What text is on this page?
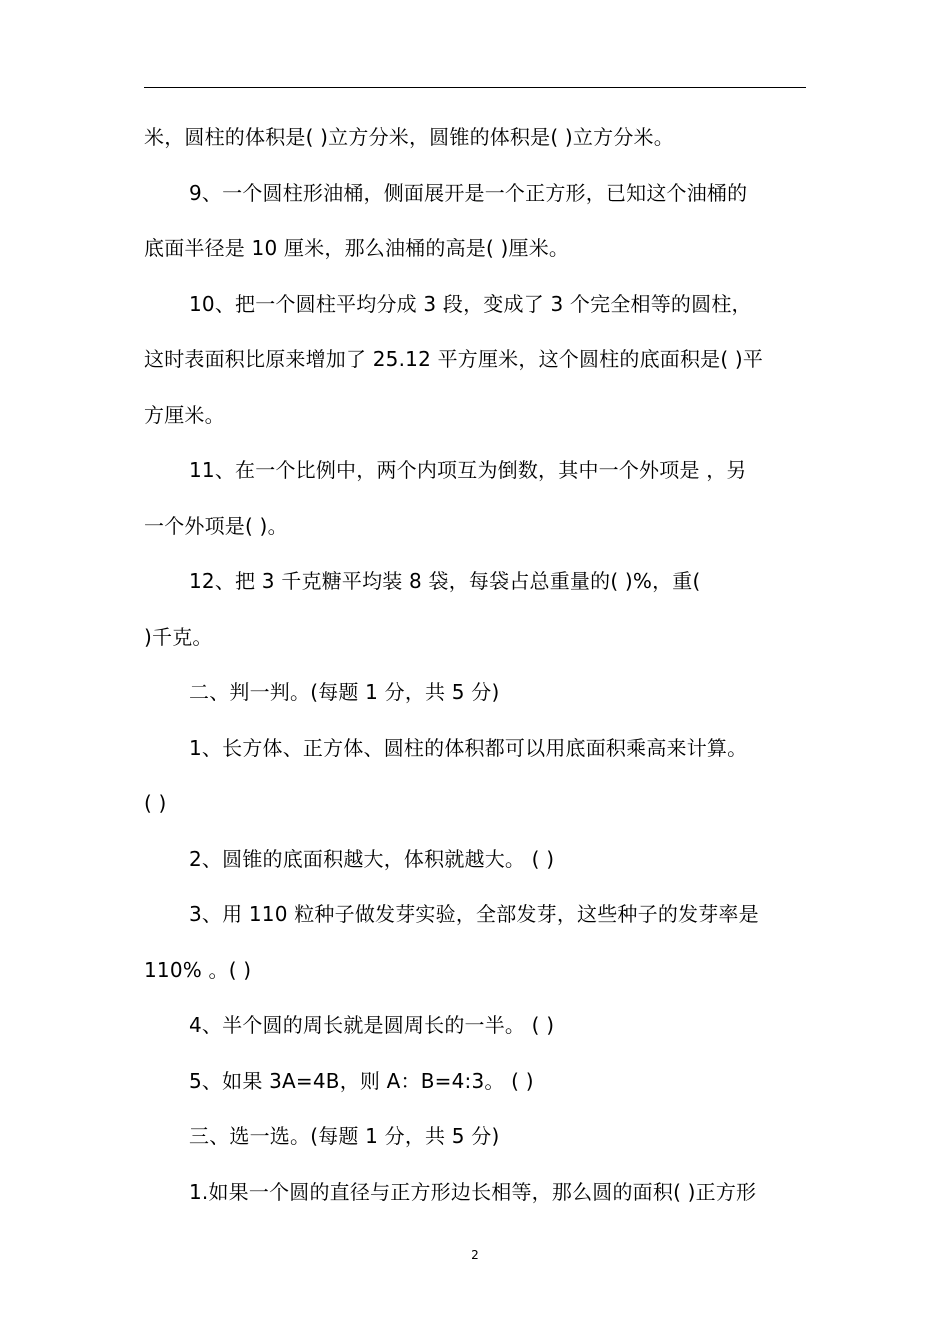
米，圆柱的体积是( )立方分米，圆锥的体积是( )立方分米。
9、一个圆柱形油桶，侧面展开是一个正方形，已知这个油桶的
底面半径是 10 厘米，那么油桶的高是( )厘米。
10、把一个圆柱平均分成 3 段，变成了 3 个完全相等的圆柱，
这时表面积比原来增加了 25.12 平方厘米，这个圆柱的底面积是( )平
方厘米。
11、在一个比例中，两个内项互为倒数，其中一个外项是 ，另
一个外项是( )。
12、把 3 千克糖平均装 8 袋，每袋占总重量的( )%，重(
)千克。
二、判一判。(每题 1 分，共 5 分)
1、长方体、正方体、圆柱的体积都可以用底面积乘高来计算。
( )
2、圆锥的底面积越大，体积就越大。 ( )
3、用 110 粒种子做发芽实验，全部发芽，这些种子的发芽率是
110% 。( )
4、半个圆的周长就是圆周长的一半。 ( )
5、如果 3A=4B，则 A：B=4:3。 ( )
三、选一选。(每题 1 分，共 5 分)
1.如果一个圆的直径与正方形边长相等，那么圆的面积( )正方形
2
